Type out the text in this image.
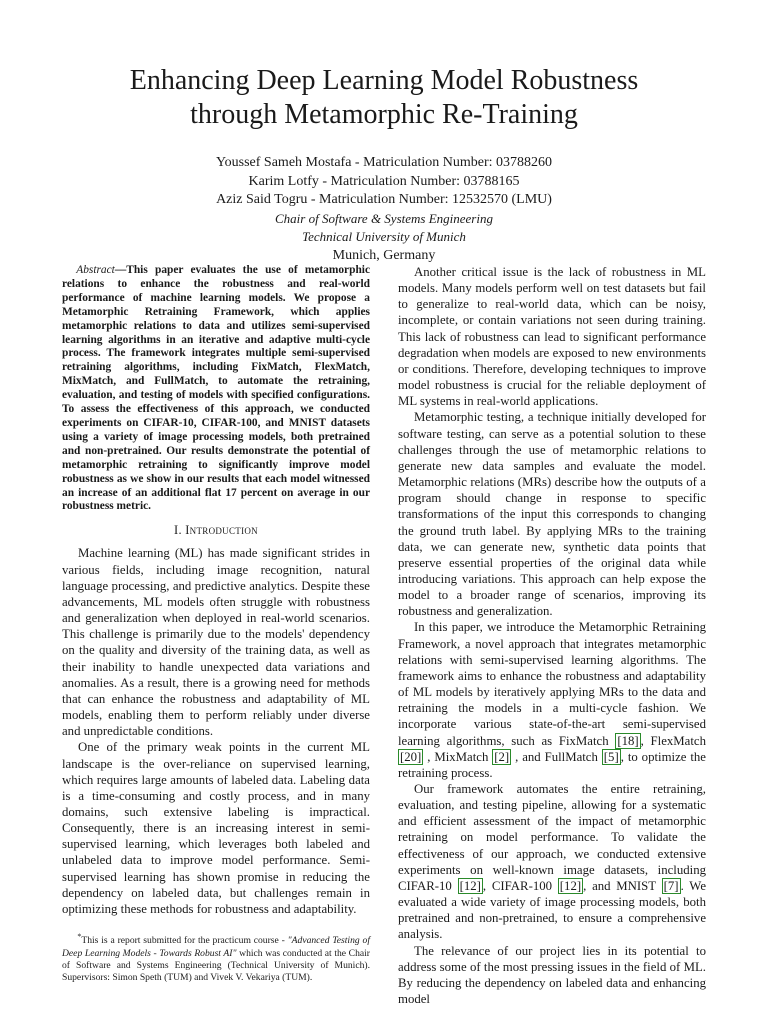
Enhancing Deep Learning Model Robustness
through Metamorphic Re-Training
Youssef Sameh Mostafa - Matriculation Number: 03788260
Karim Lotfy - Matriculation Number: 03788165
Aziz Said Togru - Matriculation Number: 12532570 (LMU)
Chair of Software & Systems Engineering
Technical University of Munich
Munich, Germany

Abstract—This paper evaluates the use of metamorphic relations to enhance the robustness and real-world performance of machine learning models. We propose a Metamorphic Retraining Framework, which applies metamorphic relations to data and utilizes semi-supervised learning algorithms in an iterative and adaptive multi-cycle process. The framework integrates multiple semi-supervised retraining algorithms, including FixMatch, FlexMatch, MixMatch, and FullMatch, to automate the retraining, evaluation, and testing of models with specified configurations. To assess the effectiveness of this approach, we conducted experiments on CIFAR-10, CIFAR-100, and MNIST datasets using a variety of image processing models, both pretrained and non-pretrained. Our results demonstrate the potential of metamorphic retraining to significantly improve model robustness as we show in our results that each model witnessed an increase of an additional flat 17 percent on average in our robustness metric.

I. Introduction

Machine learning (ML) has made significant strides in various fields, including image recognition, natural language processing, and predictive analytics. Despite these advancements, ML models often struggle with robustness and generalization when deployed in real-world scenarios. This challenge is primarily due to the models' dependency on the quality and diversity of the training data, as well as their inability to handle unexpected data variations and anomalies. As a result, there is a growing need for methods that can enhance the robustness and adaptability of ML models, enabling them to perform reliably under diverse and unpredictable conditions.

One of the primary weak points in the current ML landscape is the over-reliance on supervised learning, which requires large amounts of labeled data. Labeling data is a time-consuming and costly process, and in many domains, such extensive labeling is impractical. Consequently, there is an increasing interest in semi-supervised learning, which leverages both labeled and unlabeled data to improve model performance. Semi-supervised learning has shown promise in reducing the dependency on labeled data, but challenges remain in optimizing these methods for robustness and adaptability.

*This is a report submitted for the practicum course - "Advanced Testing of Deep Learning Models - Towards Robust AI" which was conducted at the Chair of Software and Systems Engineering (Technical University of Munich). Supervisors: Simon Speth (TUM) and Vivek V. Vekariya (TUM).

Another critical issue is the lack of robustness in ML models. Many models perform well on test datasets but fail to generalize to real-world data, which can be noisy, incomplete, or contain variations not seen during training. This lack of robustness can lead to significant performance degradation when models are exposed to new environments or conditions. Therefore, developing techniques to improve model robustness is crucial for the reliable deployment of ML systems in real-world applications.

Metamorphic testing, a technique initially developed for software testing, can serve as a potential solution to these challenges through the use of metamorphic relations to generate new data samples and evaluate the model. Metamorphic relations (MRs) describe how the outputs of a program should change in response to specific transformations of the input this corresponds to changing the ground truth label. By applying MRs to the training data, we can generate new, synthetic data points that preserve essential properties of the original data while introducing variations. This approach can help expose the model to a broader range of scenarios, improving its robustness and generalization.

In this paper, we introduce the Metamorphic Retraining Framework, a novel approach that integrates metamorphic relations with semi-supervised learning algorithms. The framework aims to enhance the robustness and adaptability of ML models by iteratively applying MRs to the data and retraining the models in a multi-cycle fashion. We incorporate various state-of-the-art semi-supervised learning algorithms, such as FixMatch [18] , FlexMatch [20] , MixMatch [2] , and FullMatch [5] , to optimize the retraining process.

Our framework automates the entire retraining, evaluation, and testing pipeline, allowing for a systematic and efficient assessment of the impact of metamorphic retraining on model performance. To validate the effectiveness of our approach, we conducted extensive experiments on well-known image datasets, including CIFAR-10 [12] , CIFAR-100 [12] , and MNIST [7] . We evaluated a wide variety of image processing models, both pretrained and non-pretrained, to ensure a comprehensive analysis.

The relevance of our project lies in its potential to address some of the most pressing issues in the field of ML. By reducing the dependency on labeled data and enhancing model
